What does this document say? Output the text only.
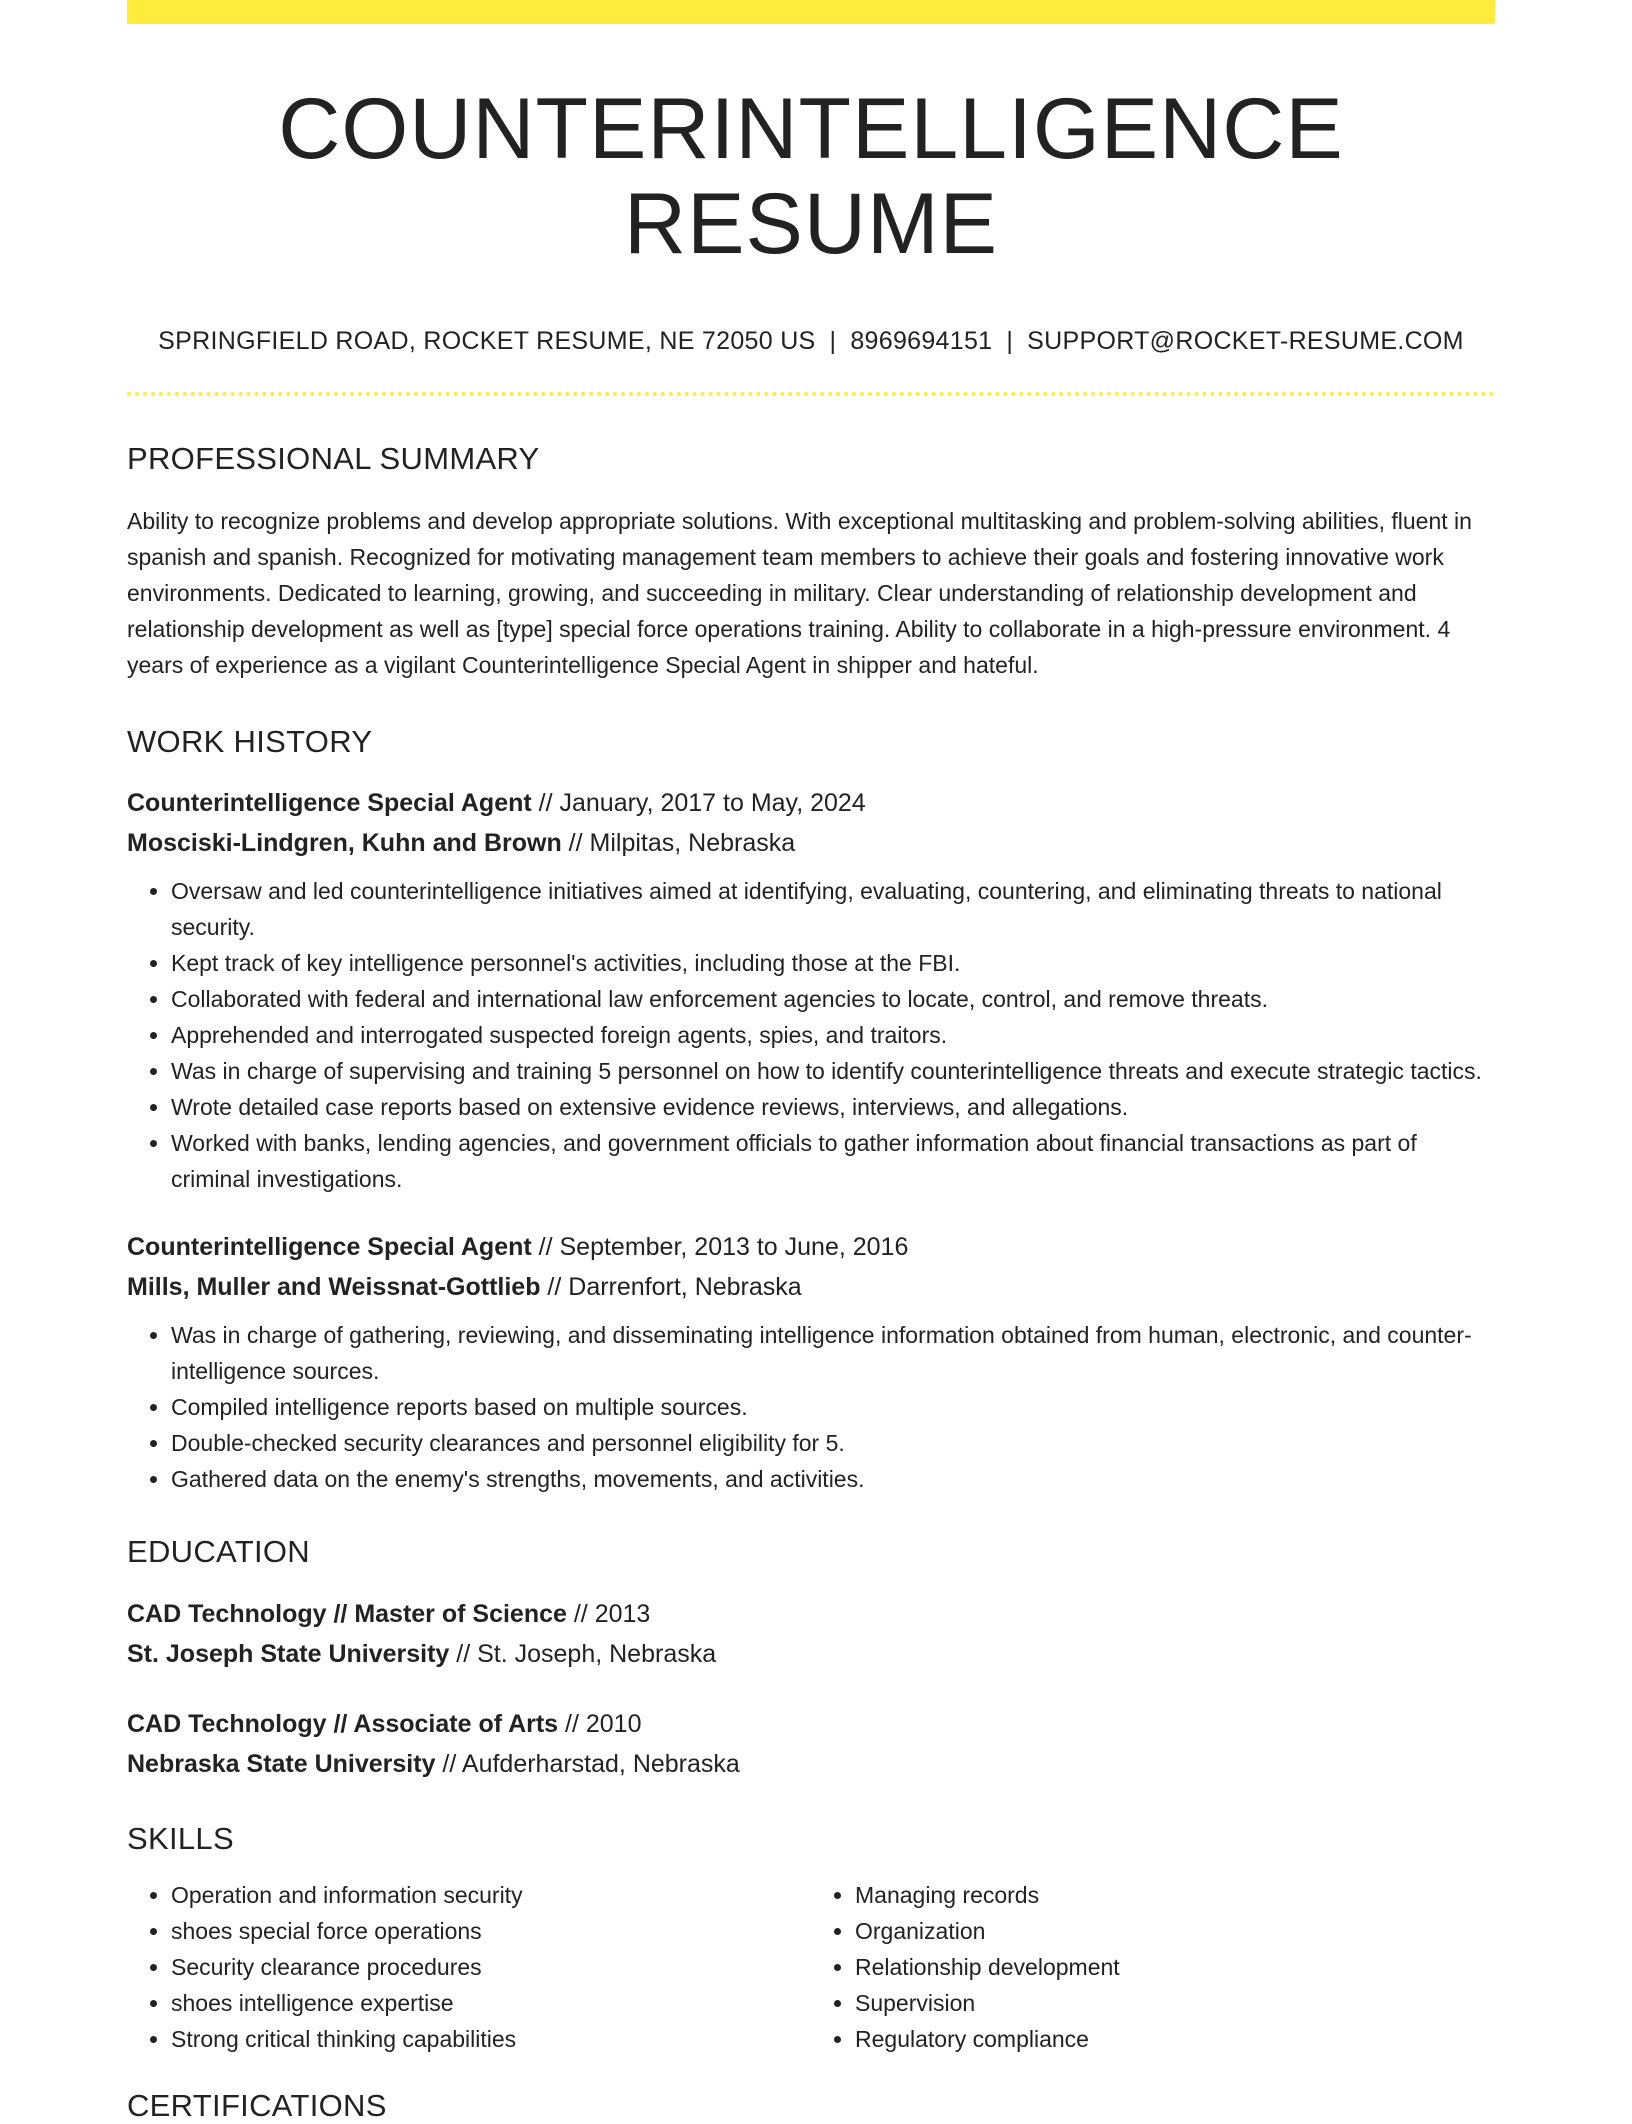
COUNTERINTELLIGENCE RESUME
SPRINGFIELD ROAD, ROCKET RESUME, NE 72050 US | 8969694151 | SUPPORT@ROCKET-RESUME.COM
PROFESSIONAL SUMMARY

Ability to recognize problems and develop appropriate solutions. With exceptional multitasking and problem-solving abilities, fluent in spanish and spanish. Recognized for motivating management team members to achieve their goals and fostering innovative work environments. Dedicated to learning, growing, and succeeding in military. Clear understanding of relationship development and relationship development as well as [type] special force operations training. Ability to collaborate in a high-pressure environment. 4 years of experience as a vigilant Counterintelligence Special Agent in shipper and hateful.

WORK HISTORY
Counterintelligence Special Agent // January, 2017 to May, 2024
Mosciski-Lindgren, Kuhn and Brown // Milpitas, Nebraska
• Oversaw and led counterintelligence initiatives aimed at identifying, evaluating, countering, and eliminating threats to national security.
• Kept track of key intelligence personnel's activities, including those at the FBI.
• Collaborated with federal and international law enforcement agencies to locate, control, and remove threats.
• Apprehended and interrogated suspected foreign agents, spies, and traitors.
• Was in charge of supervising and training 5 personnel on how to identify counterintelligence threats and execute strategic tactics.
• Wrote detailed case reports based on extensive evidence reviews, interviews, and allegations.
• Worked with banks, lending agencies, and government officials to gather information about financial transactions as part of criminal investigations.
Counterintelligence Special Agent // September, 2013 to June, 2016
Mills, Muller and Weissnat-Gottlieb // Darrenfort, Nebraska
• Was in charge of gathering, reviewing, and disseminating intelligence information obtained from human, electronic, and counter-intelligence sources.
• Compiled intelligence reports based on multiple sources.
• Double-checked security clearances and personnel eligibility for 5.
• Gathered data on the enemy's strengths, movements, and activities.
EDUCATION
CAD Technology // Master of Science // 2013
St. Joseph State University // St. Joseph, Nebraska
CAD Technology // Associate of Arts // 2010
Nebraska State University // Aufderharstad, Nebraska
SKILLS
• Operation and information security
• shoes special force operations
• Security clearance procedures
• shoes intelligence expertise
• Strong critical thinking capabilities
• Managing records
• Organization
• Relationship development
• Supervision
• Regulatory compliance
CERTIFICATIONS
